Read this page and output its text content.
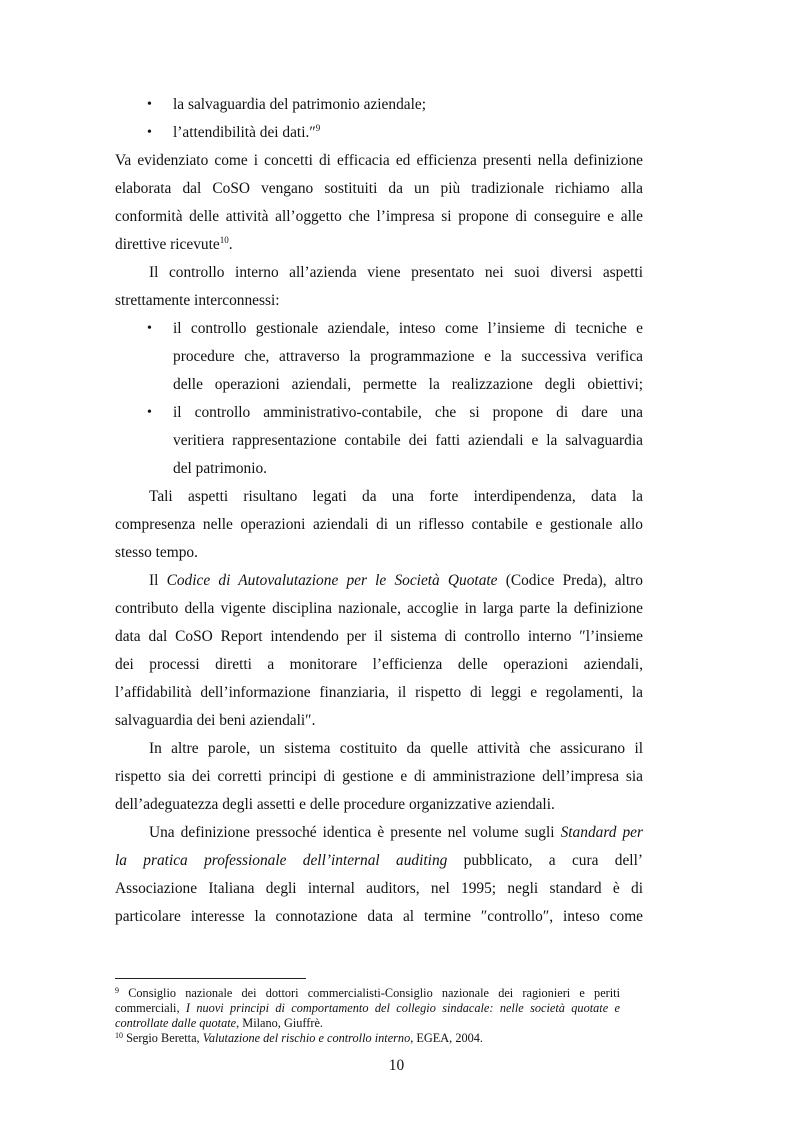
• la salvaguardia del patrimonio aziendale;
• l’attendibilità dei dati.″$^9$
Va evidenziato come i concetti di efficacia ed efficienza presenti nella definizione
elaborata dal CoSO vengano sostituiti da un più tradizionale richiamo alla
conformità delle attività all’oggetto che l’impresa si propone di conseguire e alle
direttive ricevute$^{10}$.
Il controllo interno all’azienda viene presentato nei suoi diversi aspetti
strettamente interconnessi:
• il controllo gestionale aziendale, inteso come l’insieme di tecniche e
procedure che, attraverso la programmazione e la successiva verifica
delle operazioni aziendali, permette la realizzazione degli obiettivi;
• il controllo amministrativo-contabile, che si propone di dare una
veritiera rappresentazione contabile dei fatti aziendali e la salvaguardia
del patrimonio.
Tali aspetti risultano legati da una forte interdipendenza, data la
compresenza nelle operazioni aziendali di un riflesso contabile e gestionale allo
stesso tempo.
Il Codice di Autovalutazione per le Società Quotate (Codice Preda), altro
contributo della vigente disciplina nazionale, accoglie in larga parte la definizione
data dal CoSO Report intendendo per il sistema di controllo interno ″l’insieme
dei processi diretti a monitorare l’efficienza delle operazioni aziendali,
l’affidabilità dell’informazione finanziaria, il rispetto di leggi e regolamenti, la
salvaguardia dei beni aziendali″.
In altre parole, un sistema costituito da quelle attività che assicurano il
rispetto sia dei corretti principi di gestione e di amministrazione dell’impresa sia
dell’adeguatezza degli assetti e delle procedure organizzative aziendali.
Una definizione pressoché identica è presente nel volume sugli Standard per
la pratica professionale dell’internal auditing pubblicato, a cura dell’
Associazione Italiana degli internal auditors, nel 1995; negli standard è di
particolare interesse la connotazione data al termine ″controllo″, inteso come
$^9$ Consiglio nazionale dei dottori commercialisti-Consiglio nazionale dei ragionieri e periti
commerciali, I nuovi principi di comportamento del collegio sindacale: nelle società quotate e
controllate dalle quotate, Milano, Giuffrè.
$^{10}$ Sergio Beretta, Valutazione del rischio e controllo interno, EGEA, 2004.
10
